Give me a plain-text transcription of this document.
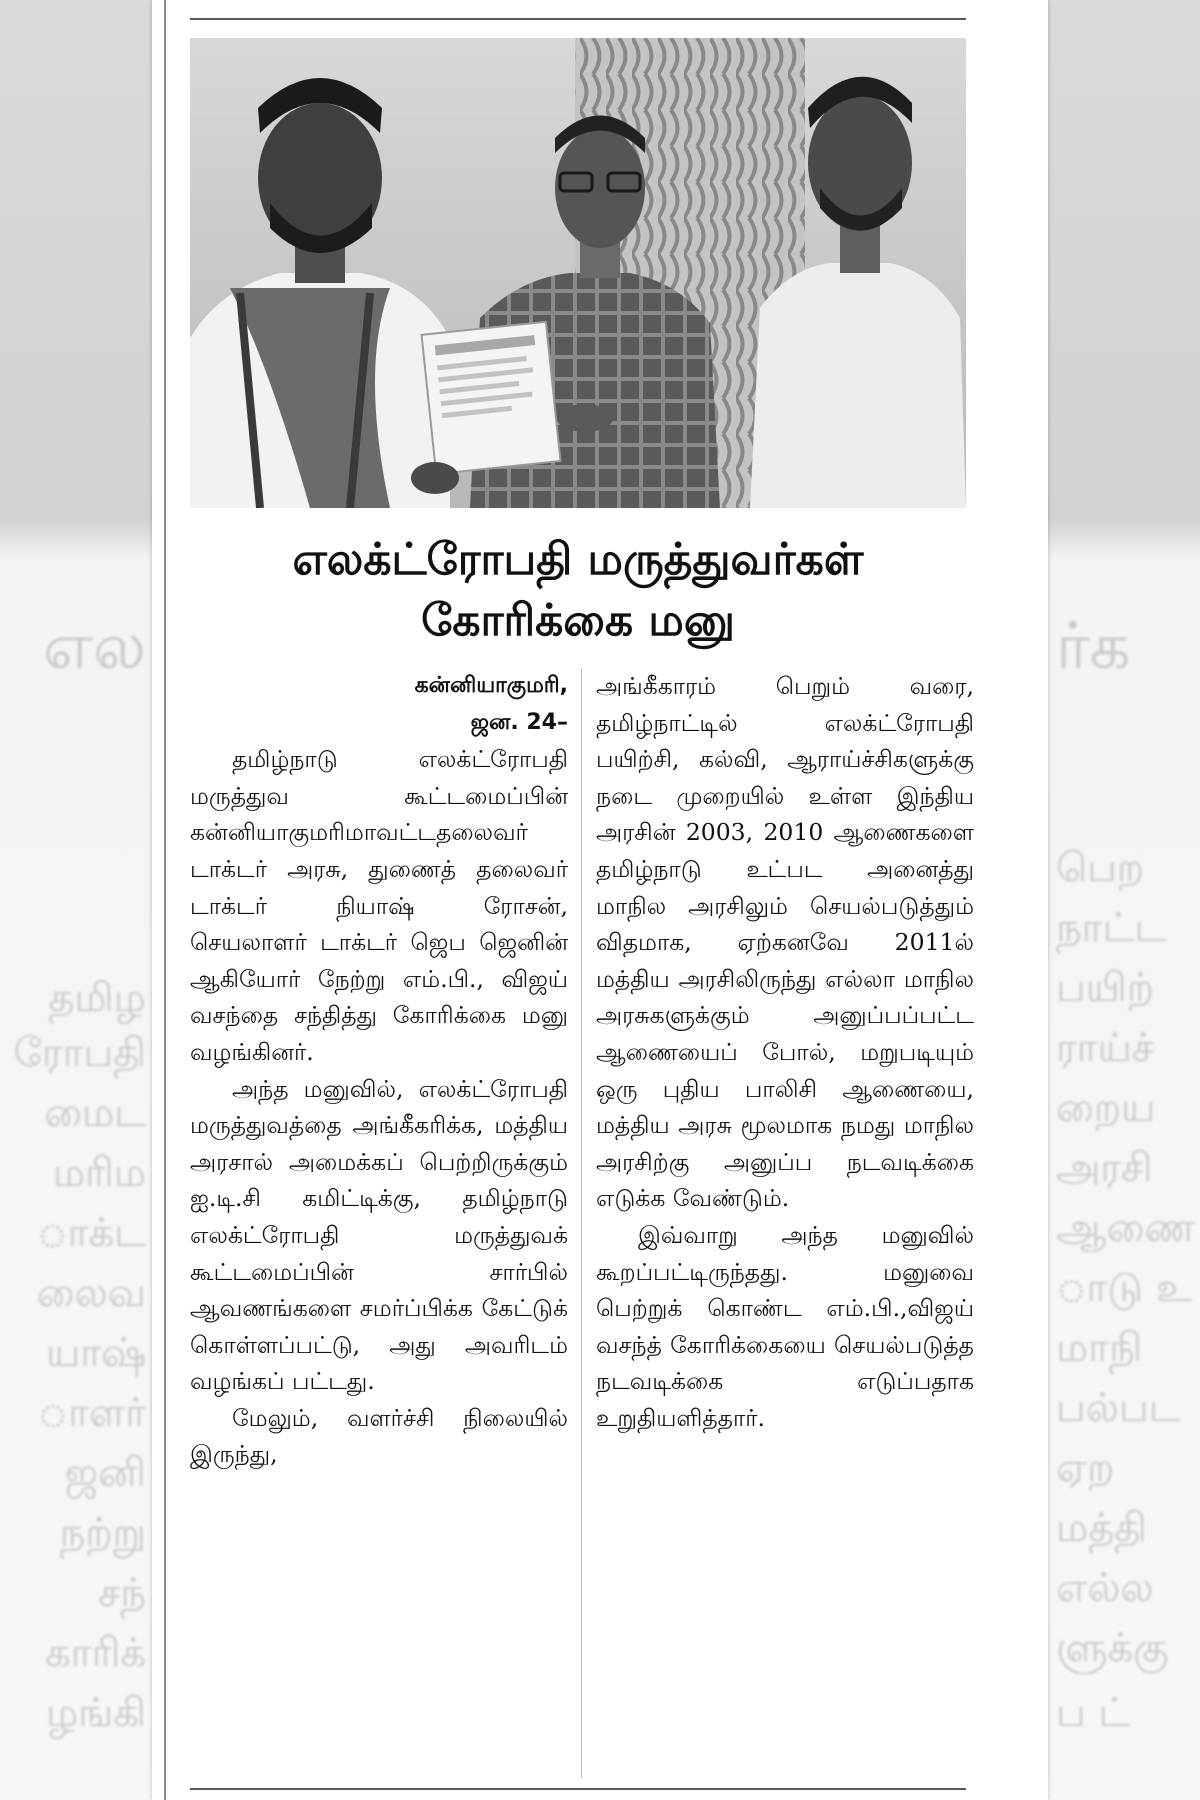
எல
தமிழ
ரோபதி
மைட
மரிம
ாக்ட
லைவ
யாஷ்
ாளர்
ஜனி
நற்று
சந்
காரிக்
ழங்கி
ர்க
பெற
நாட்ட
பயிற்
ராய்ச்
றைய
அரசி
ஆணை
ாடு உ
மாநி
பல்பட
ஏற
மத்தி
எல்ல
ளுக்கு
ப ட்
எலக்ட்ரோபதி மருத்துவர்கள்
கோரிக்கை மனு
கன்னியாகுமரி,
ஜன. 24–

தமிழ்நாடு எலக்ட்ரோபதி மருத்துவ கூட்டமைப்பின் கன்னியாகுமரிமாவட்டதலைவர் டாக்டர் அரசு, துணைத் தலைவர் டாக்டர் நியாஷ் ரோசன், செயலாளர் டாக்டர் ஜெப ஜெனின் ஆகியோர் நேற்று எம்.பி., விஜய் வசந்தை சந்தித்து கோரிக்கை மனு வழங்கினர்.

அந்த மனுவில், எலக்ட்ரோபதி மருத்துவத்தை அங்கீகரிக்க, மத்திய அரசால் அமைக்கப் பெற்றிருக்கும் ஐ.டி.சி கமிட்டிக்கு, தமிழ்நாடு எலக்ட்ரோபதி மருத்துவக் கூட்டமைப்பின் சார்பில் ஆவணங்களை சமர்ப்பிக்க கேட்டுக் கொள்ளப்பட்டு, அது அவரிடம் வழங்கப் பட்டது.

மேலும், வளர்ச்சி நிலையில் இருந்து,

அங்கீகாரம் பெறும் வரை, தமிழ்நாட்டில் எலக்ட்ரோபதி பயிற்சி, கல்வி, ஆராய்ச்சிகளுக்கு நடை முறையில் உள்ள இந்திய அரசின் 2003, 2010 ஆணைகளை தமிழ்நாடு உட்பட அனைத்து மாநில அரசிலும் செயல்படுத்தும் விதமாக, ஏற்கனவே 2011ல் மத்திய அரசிலிருந்து எல்லா மாநில அரசுகளுக்கும் அனுப்பப்பட்ட ஆணையைப் போல், மறுபடியும் ஒரு புதிய பாலிசி ஆணையை, மத்திய அரசு மூலமாக நமது மாநில அரசிற்கு அனுப்ப நடவடிக்கை எடுக்க வேண்டும்.

இவ்வாறு அந்த மனுவில் கூறப்பட்டிருந்தது. மனுவை பெற்றுக் கொண்ட எம்.பி.,விஜய் வசந்த் கோரிக்கையை செயல்படுத்த நடவடிக்கை எடுப்பதாக உறுதியளித்தார்.
